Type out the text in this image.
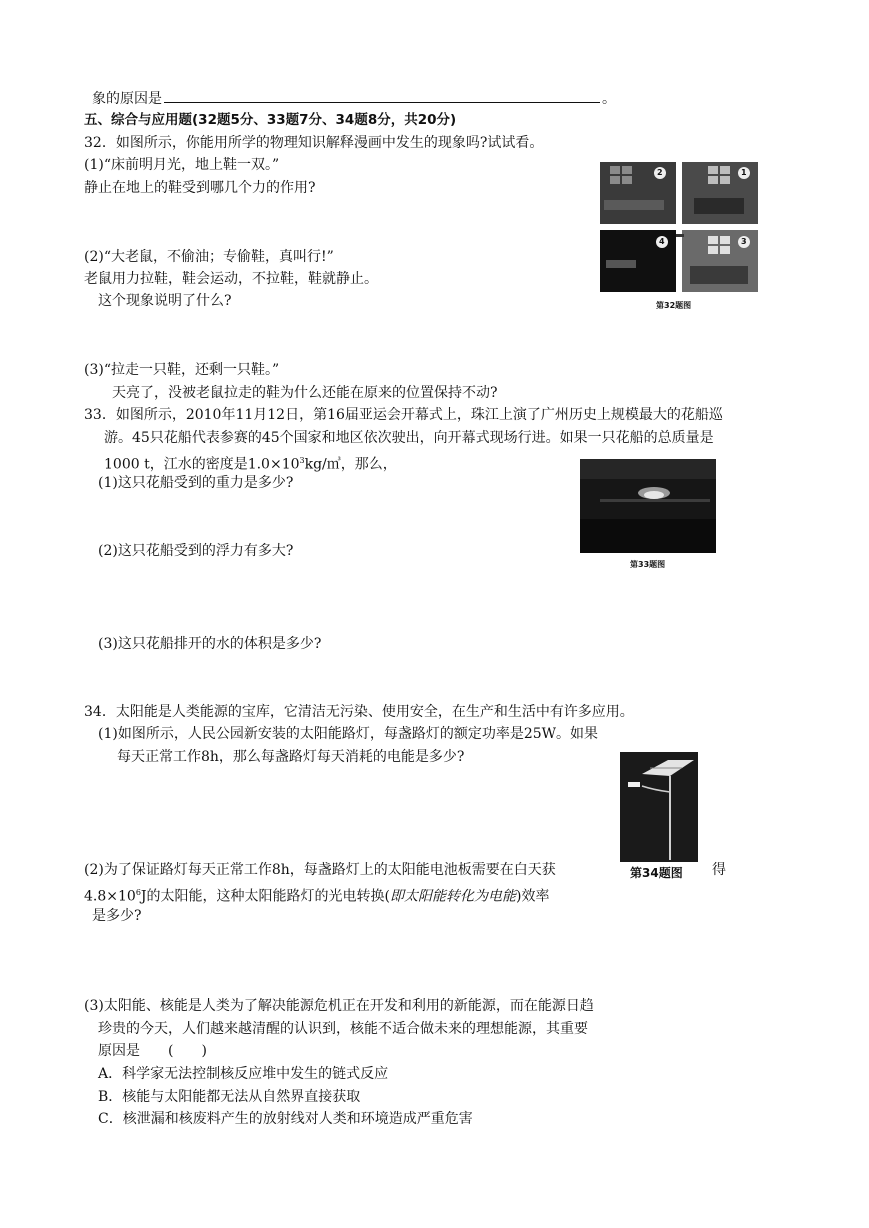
象的原因是	。
五、综合与应用题(32题5分、33题7分、34题8分，共20分)
32．如图所示，你能用所学的物理知识解释漫画中发生的现象吗?试试看。
(1)“床前明月光，地上鞋一双。”
静止在地上的鞋受到哪几个力的作用?
(2)“大老鼠，不偷油；专偷鞋，真叫行!”
老鼠用力拉鞋，鞋会运动，不拉鞋，鞋就静止。
这个现象说明了什么?
(3)“拉走一只鞋，还剩一只鞋。”
天亮了，没被老鼠拉走的鞋为什么还能在原来的位置保持不动?
33．如图所示，2010年11月12日，第16届亚运会开幕式上，珠江上演了广州历史上规模最大的花船巡
游。45只花船代表参赛的45个国家和地区依次驶出，向开幕式现场行进。如果一只花船的总质量是
1000 t，江水的密度是$1.0\times 10^3kg/㎥$，那么，
(1)这只花船受到的重力是多少?
(2)这只花船受到的浮力有多大?
(3)这只花船排开的水的体积是多少?
34．太阳能是人类能源的宝库，它清洁无污染、使用安全，在生产和生活中有许多应用。
(1)如图所示，人民公园新安装的太阳能路灯，每盏路灯的额定功率是25W。如果
每天正常工作8h，那么每盏路灯每天消耗的电能是多少?
(2)为了保证路灯每天正常工作8h，每盏路灯上的太阳能电池板需要在白天获	得
$4.8\times 10^6J$的太阳能，这种太阳能路灯的光电转换(即太阳能转化为电能)效率
是多少?
(3)太阳能、核能是人类为了解决能源危机正在开发和利用的新能源，而在能源日趋
珍贵的今天，人们越来越清醒的认识到，核能不适合做未来的理想能源，其重要
原因是　　(　　)
A．科学家无法控制核反应堆中发生的链式反应
B．核能与太阳能都无法从自然界直接获取
C．核泄漏和核废料产生的放射线对人类和环境造成严重危害
2	1
4	3
第32题图
第33题图
第34题图
